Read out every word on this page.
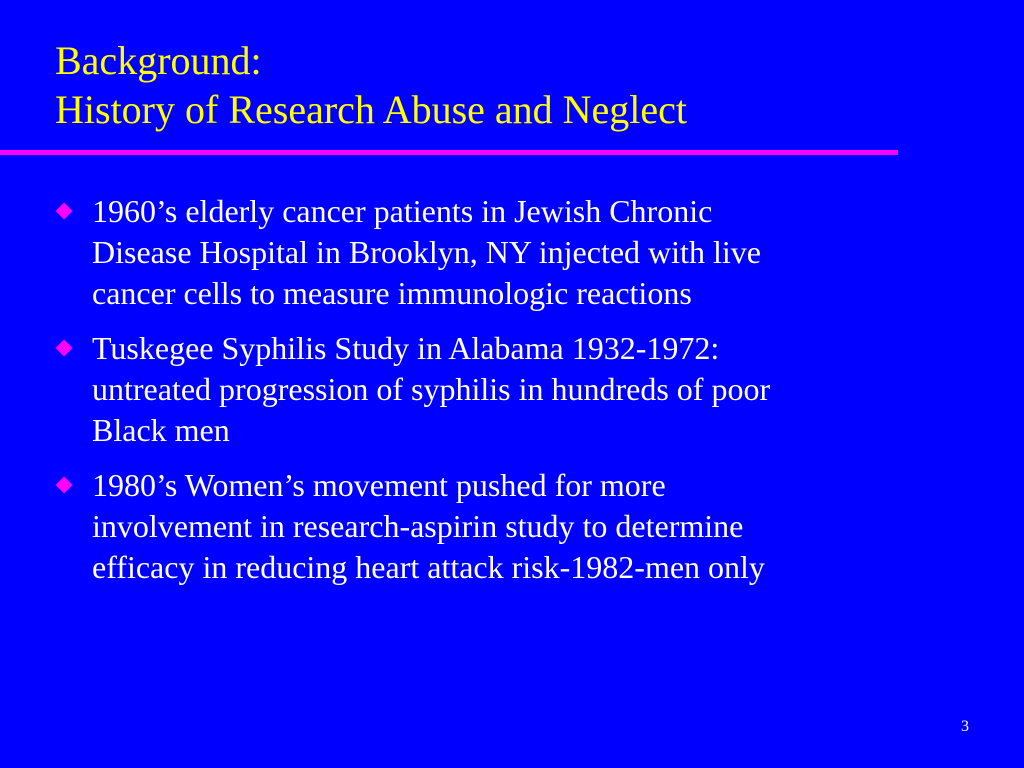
Background:
History of Research Abuse and Neglect
1960’s elderly cancer patients in Jewish Chronic
Disease Hospital in Brooklyn, NY injected with live
cancer cells to measure immunologic reactions
Tuskegee Syphilis Study in Alabama 1932-1972:
untreated progression of syphilis in hundreds of poor
Black men
1980’s Women’s movement pushed for more
involvement in research-aspirin study to determine
efficacy in reducing heart attack risk-1982-men only
3
